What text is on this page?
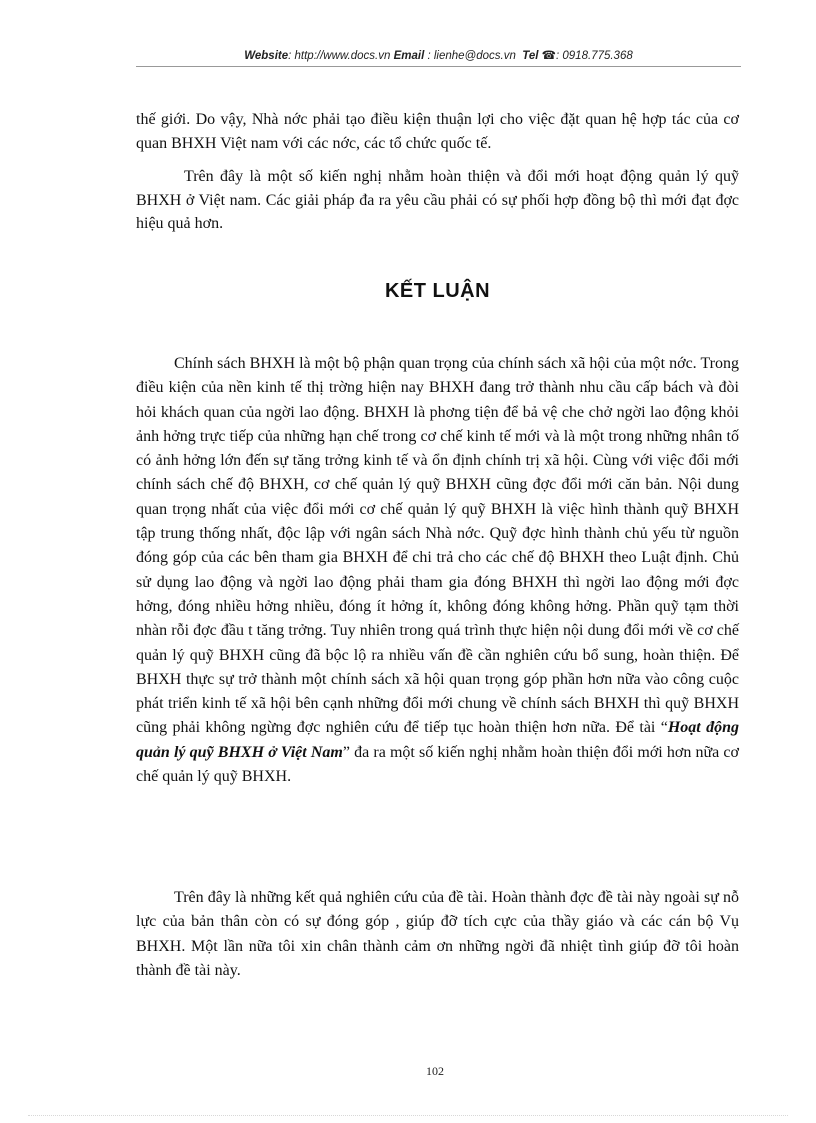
Website: http://www.docs.vn Email : lienhe@docs.vn Tel ☎: 0918.775.368
thế giới. Do vậy, Nhà nớc phải tạo điều kiện thuận lợi cho việc đặt quan hệ hợp tác của cơ quan BHXH Việt nam với các nớc, các tổ chức quốc tế.
Trên đây là một số kiến nghị nhằm hoàn thiện và đổi mới hoạt động quản lý quỹ BHXH ở Việt nam. Các giải pháp đa ra yêu cầu phải có sự phối hợp đồng bộ thì mới đạt đợc hiệu quả hơn.
KẾT LUẬN
Chính sách BHXH là một bộ phận quan trọng của chính sách xã hội của một nớc. Trong điều kiện của nền kinh tế thị trờng hiện nay BHXH đang trở thành nhu cầu cấp bách và đòi hỏi khách quan của ngời lao động. BHXH là phơng tiện để bả vệ che chở ngời lao động khỏi ảnh hởng trực tiếp của những hạn chế trong cơ chế kinh tế mới và là một trong những nhân tố có ảnh hởng lớn đến sự tăng trởng kinh tế và ổn định chính trị xã hội. Cùng với việc đổi mới chính sách chế độ BHXH, cơ chế quản lý quỹ BHXH cũng đợc đổi mới căn bản. Nội dung quan trọng nhất của việc đổi mới cơ chế quản lý quỹ BHXH là việc hình thành quỹ BHXH tập trung thống nhất, độc lập với ngân sách Nhà nớc. Quỹ đợc hình thành chủ yếu từ nguồn đóng góp của các bên tham gia BHXH để chi trả cho các chế độ BHXH theo Luật định. Chủ sử dụng lao động và ngời lao động phải tham gia đóng BHXH thì ngời lao động mới đợc hởng, đóng nhiều hởng nhiều, đóng ít hởng ít, không đóng không hởng. Phần quỹ tạm thời nhàn rỗi đợc đầu t tăng trởng. Tuy nhiên trong quá trình thực hiện nội dung đổi mới về cơ chế quản lý quỹ BHXH cũng đã bộc lộ ra nhiều vấn đề cần nghiên cứu bổ sung, hoàn thiện. Để BHXH thực sự trở thành một chính sách xã hội quan trọng góp phần hơn nữa vào công cuộc phát triển kinh tế xã hội bên cạnh những đổi mới chung về chính sách BHXH thì quỹ BHXH cũng phải không ngừng đợc nghiên cứu để tiếp tục hoàn thiện hơn nữa. Để tài “Hoạt động quản lý quỹ BHXH ở Việt Nam” đa ra một số kiến nghị nhằm hoàn thiện đổi mới hơn nữa cơ chế quản lý quỹ BHXH.
Trên đây là những kết quả nghiên cứu của đề tài. Hoàn thành đợc đề tài này ngoài sự nỗ lực của bản thân còn có sự đóng góp , giúp đỡ tích cực của thầy giáo và các cán bộ Vụ BHXH. Một lần nữa tôi xin chân thành cảm ơn những ngời đã nhiệt tình giúp đỡ tôi hoàn thành đề tài này.
102
